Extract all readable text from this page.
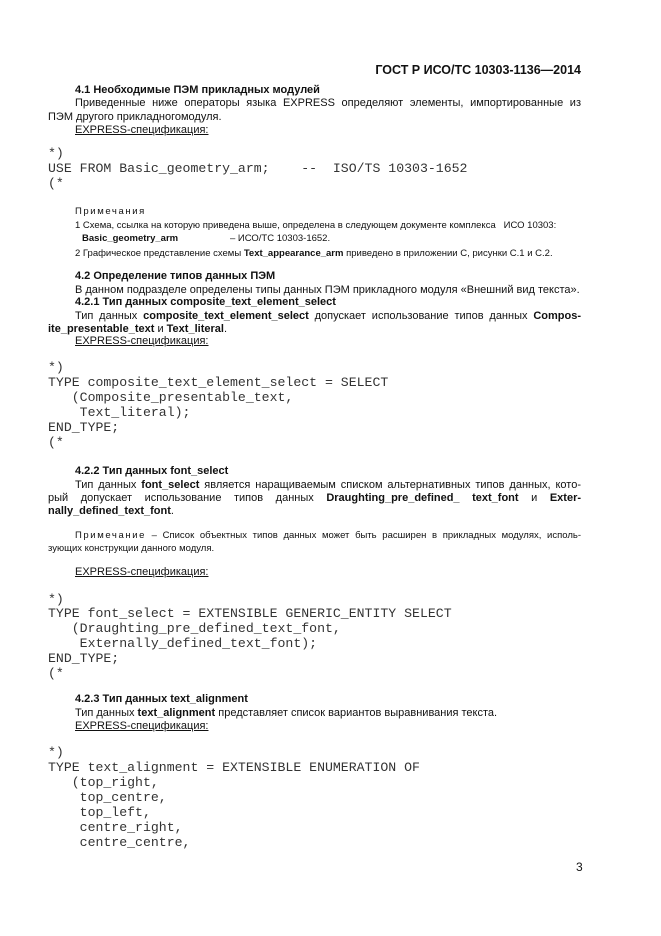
ГОСТ Р ИСО/ТС 10303-1136—2014
4.1 Необходимые ПЭМ прикладных модулей
Приведенные ниже операторы языка EXPRESS определяют элементы, импортированные из
ПЭМ другого прикладногомодуля.
EXPRESS-спецификация:
*)
USE FROM Basic_geometry_arm;    --  ISO/TS 10303-1652
(*
Примечания
1 Схема, ссылка на которую приведена выше, определена в следующем документе комплекса   ИСО 10303:
Basic_geometry_arm	– ИСО/ТС 10303-1652.
2 Графическое представление схемы Text_appearance_arm приведено в приложении С, рисунки С.1 и С.2.
4.2 Определение типов данных ПЭМ
В данном подразделе определены типы данных ПЭМ прикладного модуля «Внешний вид текста».
4.2.1 Тип данных composite_text_element_select
Тип данных composite_text_element_select допускает использование типов данных Compos-
ite_presentable_text и Text_literal.
EXPRESS-спецификация:
*)
TYPE composite_text_element_select = SELECT
(Composite_presentable_text,
Text_literal);
END_TYPE;
(*
4.2.2 Тип данных font_select
Тип данных font_select является наращиваемым списком альтернативных типов данных, кото-
рый допускает использование типов данных Draughting_pre_defined_ text_font и Exter-
nally_defined_text_font.
Примечание – Список объектных типов данных может быть расширен в прикладных модулях, исполь-
зующих конструкции данного модуля.
EXPRESS-спецификация:
*)
TYPE font_select = EXTENSIBLE GENERIC_ENTITY SELECT
(Draughting_pre_defined_text_font,
Externally_defined_text_font);
END_TYPE;
(*
4.2.3 Тип данных text_alignment
Тип данных text_alignment представляет список вариантов выравнивания текста.
EXPRESS-спецификация:
*)
TYPE text_alignment = EXTENSIBLE ENUMERATION OF
(top_right,
top_centre,
top_left,
centre_right,
centre_centre,
3
